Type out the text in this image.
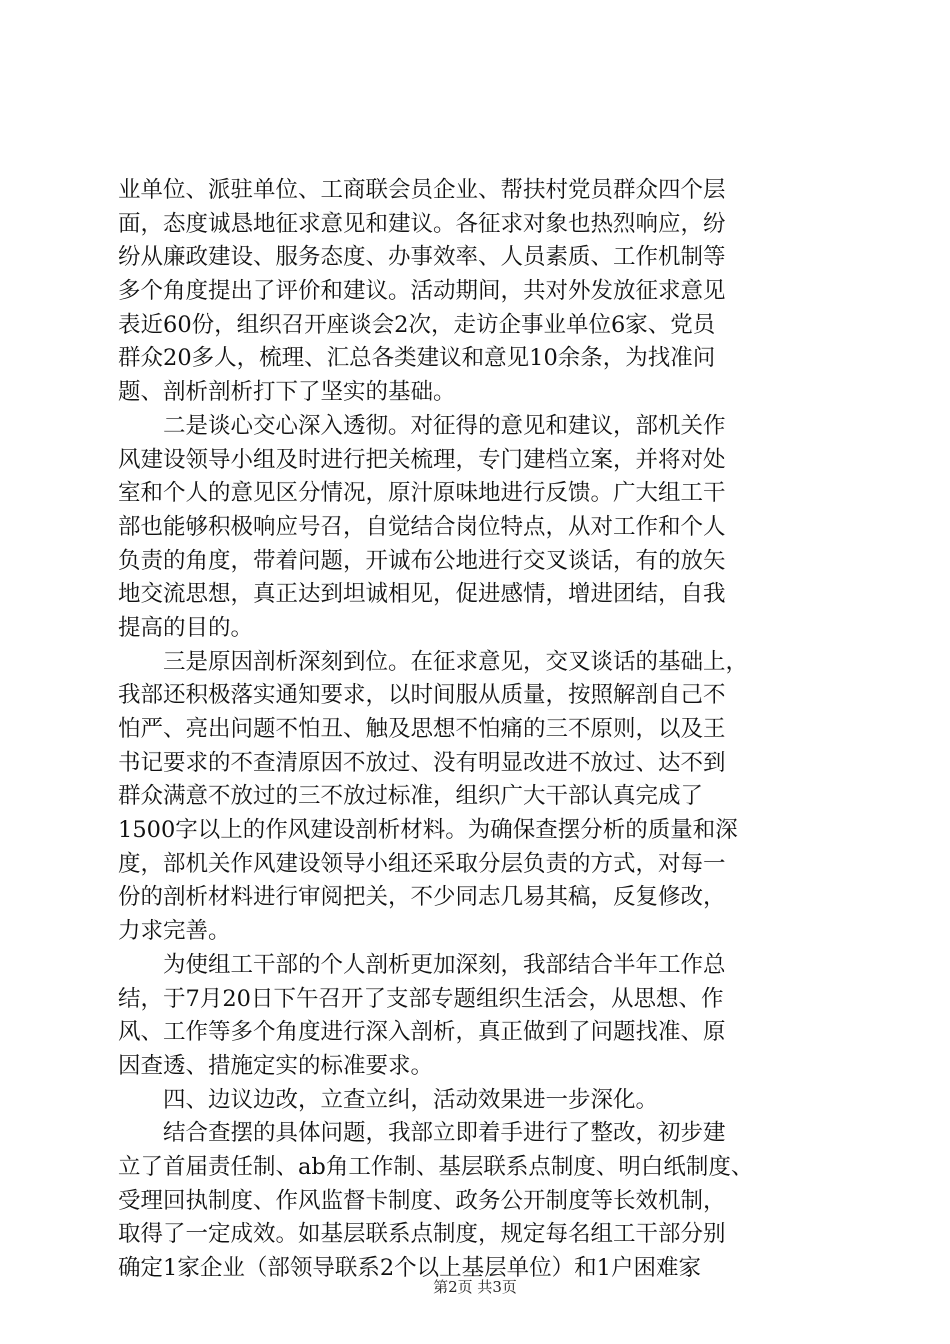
业单位、派驻单位、工商联会员企业、帮扶村党员群众四个层
面，态度诚恳地征求意见和建议。各征求对象也热烈响应，纷
纷从廉政建设、服务态度、办事效率、人员素质、工作机制等
多个角度提出了评价和建议。活动期间，共对外发放征求意见
表近60份，组织召开座谈会2次，走访企事业单位6家、党员
群众20多人，梳理、汇总各类建议和意见10余条，为找准问
题、剖析剖析打下了坚实的基础。
　　二是谈心交心深入透彻。对征得的意见和建议，部机关作
风建设领导小组及时进行把关梳理，专门建档立案，并将对处
室和个人的意见区分情况，原汁原味地进行反馈。广大组工干
部也能够积极响应号召，自觉结合岗位特点，从对工作和个人
负责的角度，带着问题，开诚布公地进行交叉谈话，有的放矢
地交流思想，真正达到坦诚相见，促进感情，增进团结，自我
提高的目的。
　　三是原因剖析深刻到位。在征求意见，交叉谈话的基础上，
我部还积极落实通知要求，以时间服从质量，按照解剖自己不
怕严、亮出问题不怕丑、触及思想不怕痛的三不原则，以及王
书记要求的不查清原因不放过、没有明显改进不放过、达不到
群众满意不放过的三不放过标准，组织广大干部认真完成了
1500字以上的作风建设剖析材料。为确保查摆分析的质量和深
度，部机关作风建设领导小组还采取分层负责的方式，对每一
份的剖析材料进行审阅把关，不少同志几易其稿，反复修改，
力求完善。
　　为使组工干部的个人剖析更加深刻，我部结合半年工作总
结，于7月20日下午召开了支部专题组织生活会，从思想、作
风、工作等多个角度进行深入剖析，真正做到了问题找准、原
因查透、措施定实的标准要求。
　　四、边议边改，立查立纠，活动效果进一步深化。
　　结合查摆的具体问题，我部立即着手进行了整改，初步建
立了首届责任制、ab角工作制、基层联系点制度、明白纸制度、
受理回执制度、作风监督卡制度、政务公开制度等长效机制，
取得了一定成效。如基层联系点制度，规定每名组工干部分别
确定1家企业（部领导联系2个以上基层单位）和1户困难家
第2页 共3页
